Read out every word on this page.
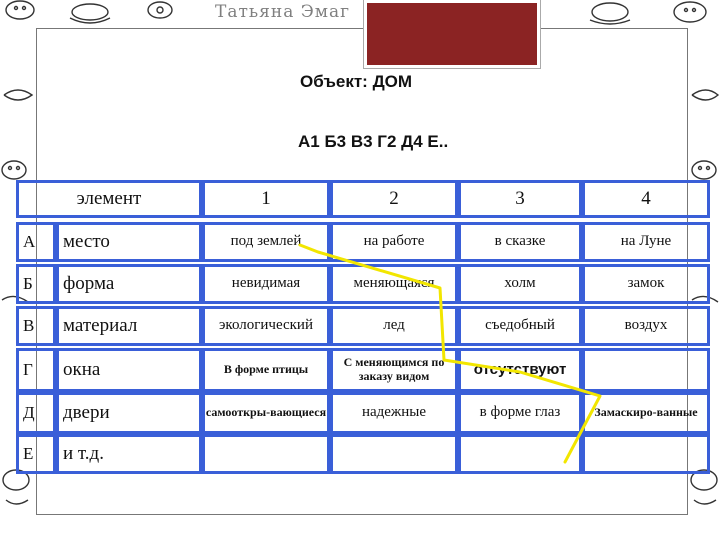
Татьяна Эмаг
Объект: ДОМ
А1 Б3 В3 Г2 Д4 Е..
элемент	1	2	3	4
А	место	под землей	на работе	в сказке	на Луне
Б	форма	невидимая	меняющаяся	холм	замок
В	материал	экологический	лед	съедобный	воздух
Г	окна	В форме птицы	С меняющимся по заказу видом	отсутствуют
Д	двери	самооткры-вающиеся	надежные	в форме глаз	Замаскиро-ванные
Е	и т.д.
